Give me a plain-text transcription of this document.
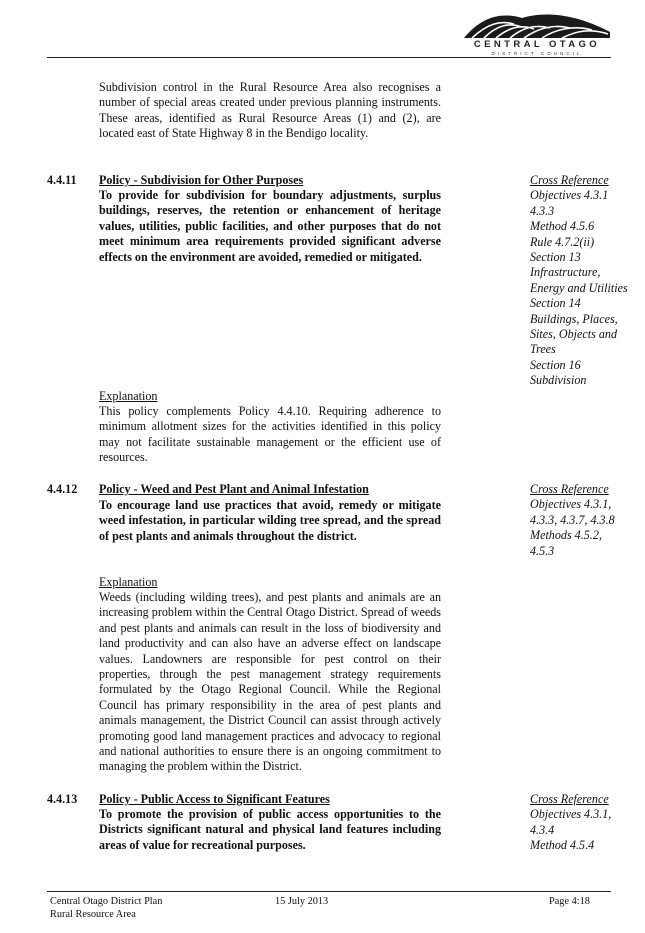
CENTRAL OTAGO
DISTRICT COUNCIL
Subdivision control in the Rural Resource Area also recognises a number of special areas created under previous planning instruments. These areas, identified as Rural Resource Areas (1) and (2), are located east of State Highway 8 in the Bendigo locality.
4.4.11 Policy - Subdivision for Other Purposes
To provide for subdivision for boundary adjustments, surplus buildings, reserves, the retention or enhancement of heritage values, utilities, public facilities, and other purposes that do not meet minimum area requirements provided significant adverse effects on the environment are avoided, remedied or mitigated.
Cross Reference
Objectives 4.3.1
4.3.3
Method 4.5.6
Rule 4.7.2(ii)
Section 13
Infrastructure,
Energy and Utilities
Section 14
Buildings, Places,
Sites, Objects and
Trees
Section 16
Subdivision
Explanation
This policy complements Policy 4.4.10. Requiring adherence to minimum allotment sizes for the activities identified in this policy may not facilitate sustainable management or the efficient use of resources.
4.4.12 Policy - Weed and Pest Plant and Animal Infestation
To encourage land use practices that avoid, remedy or mitigate weed infestation, in particular wilding tree spread, and the spread of pest plants and animals throughout the district.
Cross Reference
Objectives 4.3.1,
4.3.3, 4.3.7, 4.3.8
Methods 4.5.2,
4.5.3
Explanation
Weeds (including wilding trees), and pest plants and animals are an increasing problem within the Central Otago District. Spread of weeds and pest plants and animals can result in the loss of biodiversity and land productivity and can also have an adverse effect on landscape values. Landowners are responsible for pest control on their properties, through the pest management strategy requirements formulated by the Otago Regional Council. While the Regional Council has primary responsibility in the area of pest plants and animals management, the District Council can assist through actively promoting good land management practices and advocacy to regional and national authorities to ensure there is an ongoing commitment to managing the problem within the District.
4.4.13 Policy - Public Access to Significant Features
To promote the provision of public access opportunities to the Districts significant natural and physical land features including areas of value for recreational purposes.
Cross Reference
Objectives 4.3.1,
4.3.4
Method 4.5.4
Central Otago District Plan
Rural Resource Area
15 July 2013	Page 4:18
